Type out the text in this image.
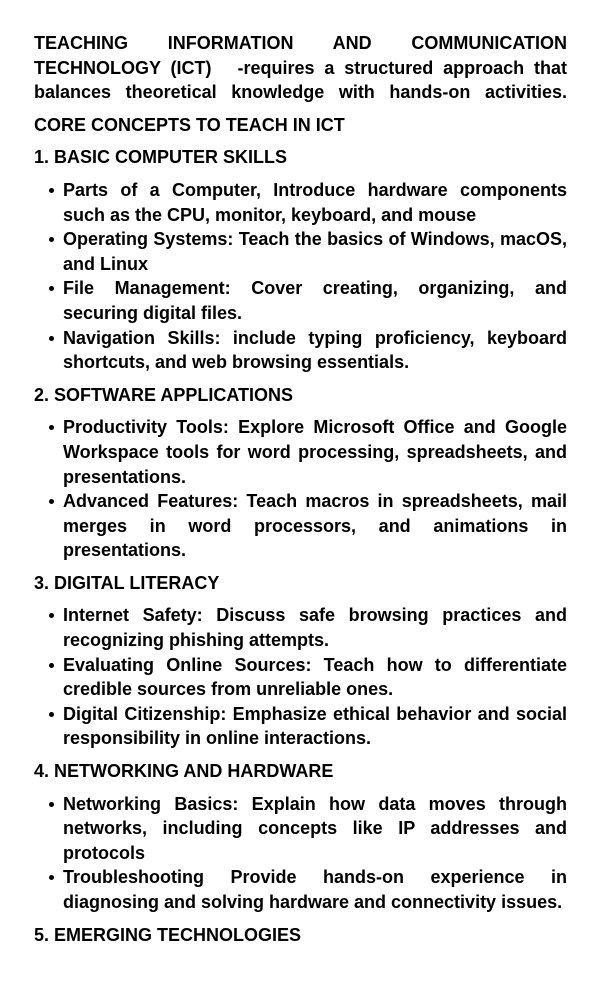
TEACHING INFORMATION AND COMMUNICATION TECHNOLOGY (ICT) -requires a structured approach that balances theoretical knowledge with hands-on activities.

CORE CONCEPTS TO TEACH IN ICT

1. BASIC COMPUTER SKILLS

Parts of a Computer, Introduce hardware components such as the CPU, monitor, keyboard, and mouse
Operating Systems: Teach the basics of Windows, macOS, and Linux
File Management: Cover creating, organizing, and securing digital files.
Navigation Skills: include typing proficiency, keyboard shortcuts, and web browsing essentials.

2. SOFTWARE APPLICATIONS

Productivity Tools: Explore Microsoft Office and Google Workspace tools for word processing, spreadsheets, and presentations.
Advanced Features: Teach macros in spreadsheets, mail merges in word processors, and animations in presentations.

3. DIGITAL LITERACY

Internet Safety: Discuss safe browsing practices and recognizing phishing attempts.
Evaluating Online Sources: Teach how to differentiate credible sources from unreliable ones.
Digital Citizenship: Emphasize ethical behavior and social responsibility in online interactions.

4. NETWORKING AND HARDWARE

Networking Basics: Explain how data moves through networks, including concepts like IP addresses and protocols
Troubleshooting Provide hands-on experience in diagnosing and solving hardware and connectivity issues.

5. EMERGING TECHNOLOGIES
